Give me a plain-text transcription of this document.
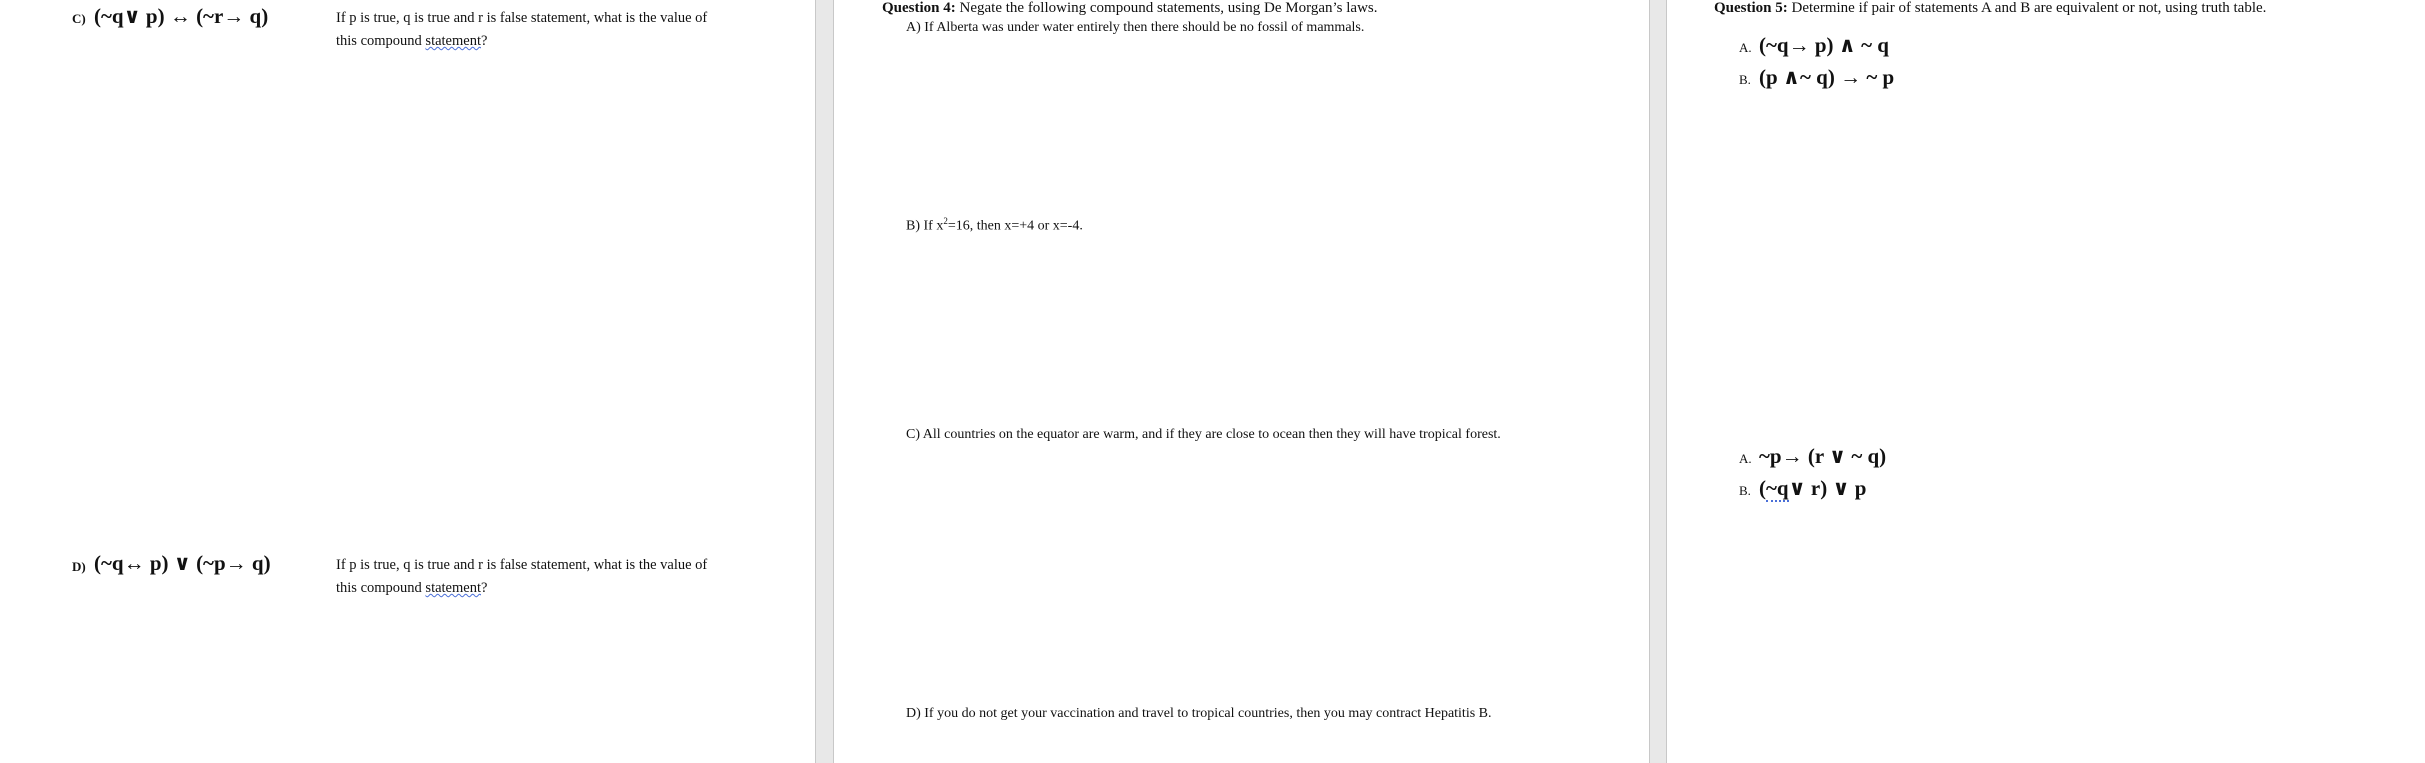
C) (~q∨ p) ↔ (~r→ q)	If p is true, q is true and r is false statement, what is the value of
this compound statement?
D) (~q↔ p) ∨ (~p→ q)	If p is true, q is true and r is false statement, what is the value of
this compound statement?
Question 4: Negate the following compound statements, using De Morgan’s laws.
A) If Alberta was under water entirely then there should be no fossil of mammals.
B) If $x^2=16$, then x=+4 or x=-4.
C) All countries on the equator are warm, and if they are close to ocean then they will have tropical forest.
D) If you do not get your vaccination and travel to tropical countries, then you may contract Hepatitis B.
Question 5: Determine if pair of statements A and B are equivalent or not, using truth table.
A. (~q→ p) ∧ ~ q
B. (p ∧~ q) → ~ p
A. ~p→ (r ∨ ~ q)
B. (~q∨ r) ∨ p
